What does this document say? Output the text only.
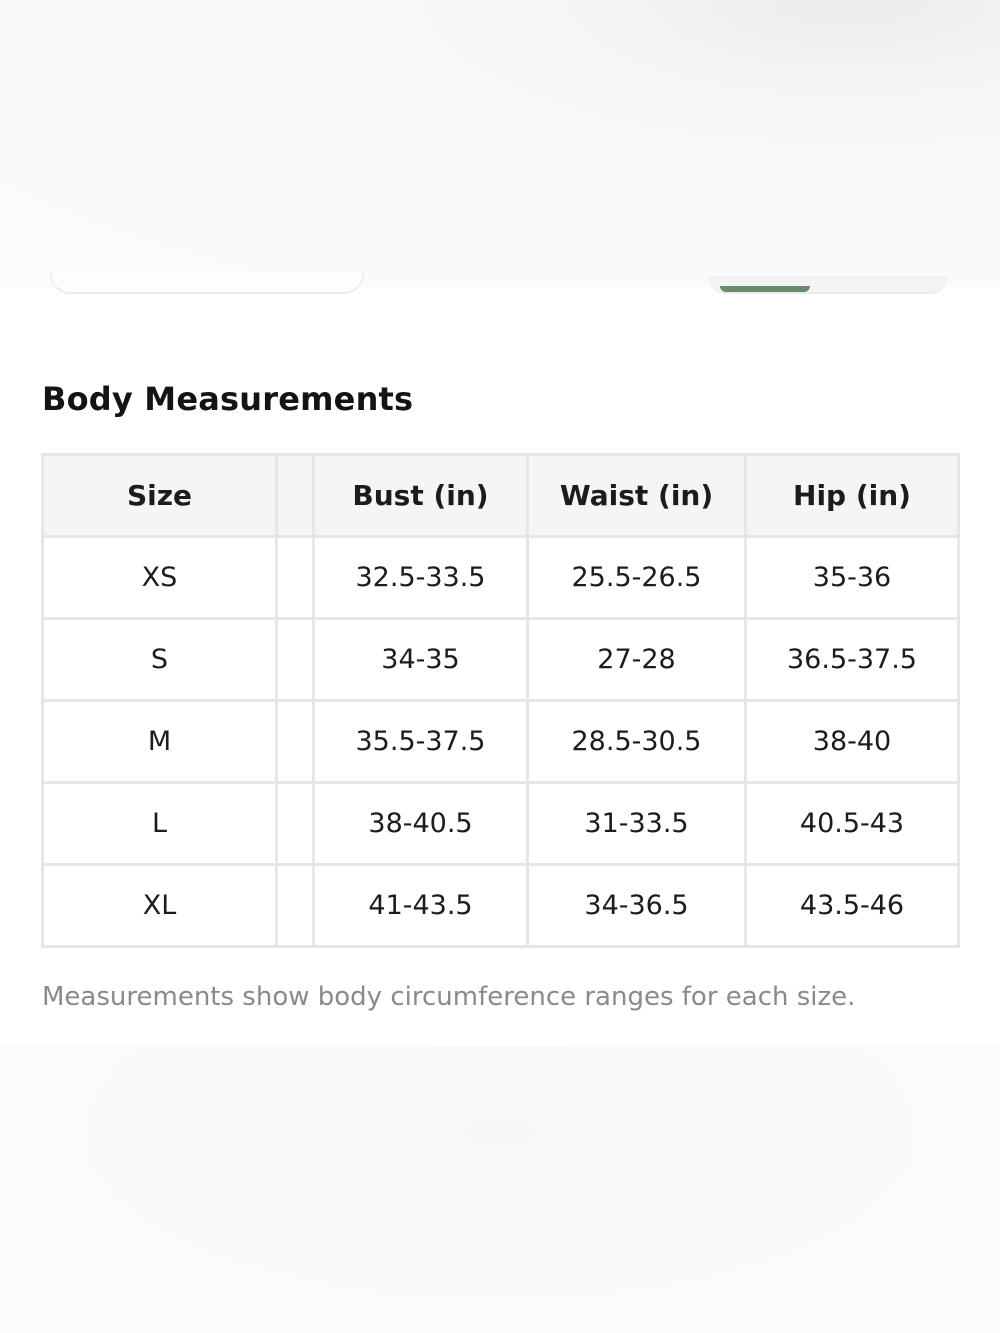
Body Measurements
Size		Bust (in)	Waist (in)	Hip (in)
XS		32.5-33.5	25.5-26.5	35-36
S		34-35	27-28	36.5-37.5
M		35.5-37.5	28.5-30.5	38-40
L		38-40.5	31-33.5	40.5-43
XL		41-43.5	34-36.5	43.5-46

Measurements show body circumference ranges for each size.
